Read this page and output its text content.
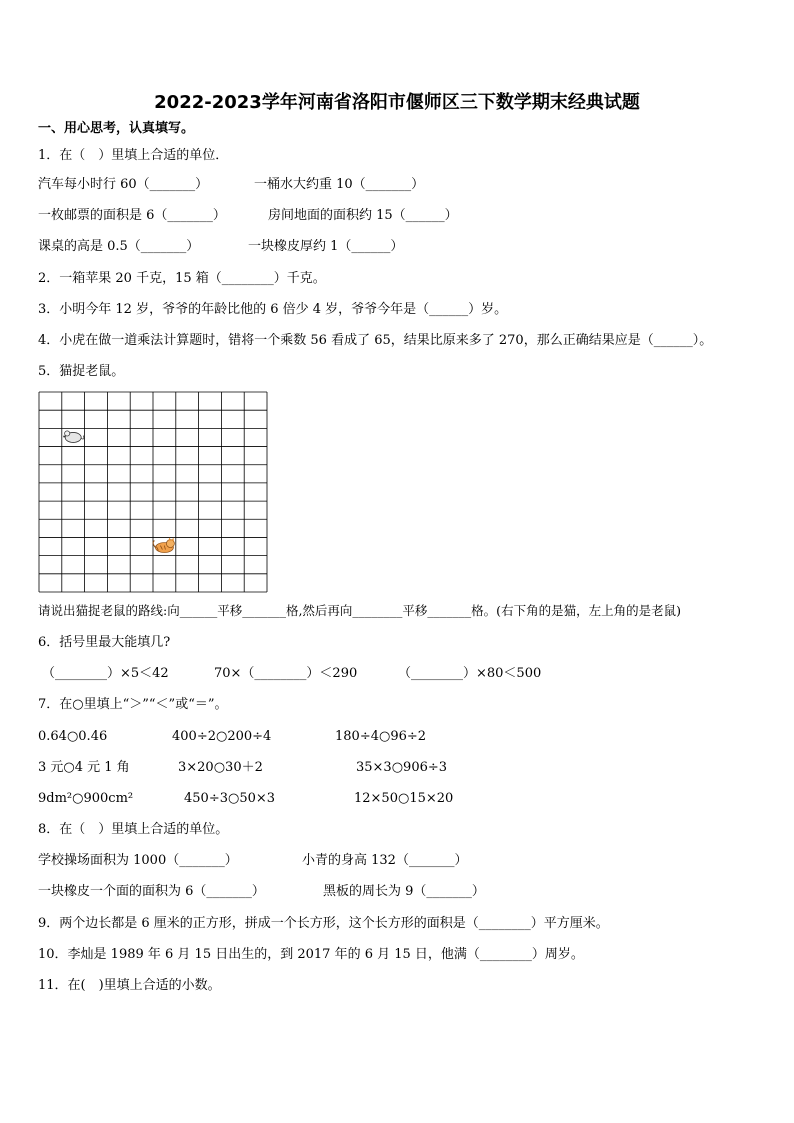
2022-2023学年河南省洛阳市偃师区三下数学期末经典试题
一、用心思考，认真填写。
1．在（　）里填上合适的单位．
汽车每小时行 60（_______）	一桶水大约重 10（_______）
一枚邮票的面积是 6（_______）	房间地面的面积约 15（______）
课桌的高是 0.5（_______）	一块橡皮厚约 1（______）
2．一箱苹果 20 千克，15 箱（________）千克。
3．小明今年 12 岁，爷爷的年龄比他的 6 倍少 4 岁，爷爷今年是（______）岁。
4．小虎在做一道乘法计算题时，错将一个乘数 56 看成了 65，结果比原来多了 270，那么正确结果应是（______）。
5．猫捉老鼠。
请说出猫捉老鼠的路线:向______平移_______格,然后再向________平移_______格。(右下角的是猫，左上角的是老鼠)
6．括号里最大能填几?
（________）×5＜42	70×（________）＜290	（________）×80＜500
7．在○里填上“＞”“＜”或“＝”。
0.64○0.46	400÷2○200÷4	180÷4○96÷2
3 元○4 元 1 角	3×20○30＋2	35×3○906÷3
9dm²○900cm²	450÷3○50×3	12×50○15×20
8．在（　）里填上合适的单位。
学校操场面积为 1000（_______）	小青的身高 132（_______）
一块橡皮一个面的面积为 6（_______）	黑板的周长为 9（_______）
9．两个边长都是 6 厘米的正方形，拼成一个长方形，这个长方形的面积是（________）平方厘米。
10．李灿是 1989 年 6 月 15 日出生的，到 2017 年的 6 月 15 日，他满（________）周岁。
11．在(　)里填上合适的小数。
